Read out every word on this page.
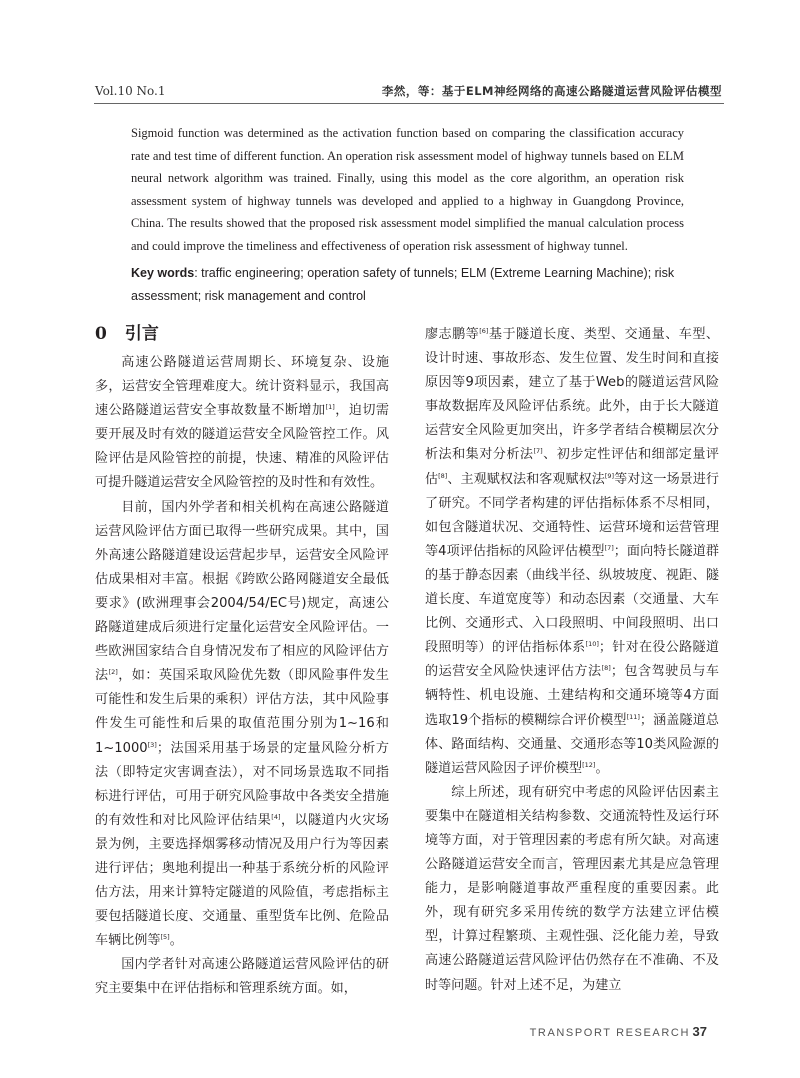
Vol.10 No.1	李然，等：基于ELM神经网络的高速公路隧道运营风险评估模型

Sigmoid function was determined as the activation function based on comparing the classification accuracy rate and test time of different function. An operation risk assessment model of highway tunnels based on ELM neural network algorithm was trained. Finally, using this model as the core algorithm, an operation risk assessment system of highway tunnels was developed and applied to a highway in Guangdong Province, China. The results showed that the proposed risk assessment model simplified the manual calculation process and could improve the timeliness and effectiveness of operation risk assessment of highway tunnel.

Key words: traffic engineering; operation safety of tunnels; ELM (Extreme Learning Machine); risk assessment; risk management and control
0 引言

高速公路隧道运营周期长、环境复杂、设施多，运营安全管理难度大。统计资料显示，我国高速公路隧道运营安全事故数量不断增加[1]，迫切需要开展及时有效的隧道运营安全风险管控工作。风险评估是风险管控的前提，快速、精准的风险评估可提升隧道运营安全风险管控的及时性和有效性。

目前，国内外学者和相关机构在高速公路隧道运营风险评估方面已取得一些研究成果。其中，国外高速公路隧道建设运营起步早，运营安全风险评估成果相对丰富。根据《跨欧公路网隧道安全最低要求》(欧洲理事会2004/54/EC号)规定，高速公路隧道建成后须进行定量化运营安全风险评估。一些欧洲国家结合自身情况发布了相应的风险评估方法[2]，如：英国采取风险优先数（即风险事件发生可能性和发生后果的乘积）评估方法，其中风险事件发生可能性和后果的取值范围分别为1~16和1~1000[3]；法国采用基于场景的定量风险分析方法（即特定灾害调查法），对不同场景选取不同指标进行评估，可用于研究风险事故中各类安全措施的有效性和对比风险评估结果[4]，以隧道内火灾场景为例，主要选择烟雾移动情况及用户行为等因素进行评估；奥地利提出一种基于系统分析的风险评估方法，用来计算特定隧道的风险值，考虑指标主要包括隧道长度、交通量、重型货车比例、危险品车辆比例等[5]。

国内学者针对高速公路隧道运营风险评估的研究主要集中在评估指标和管理系统方面。如，

廖志鹏等[6]基于隧道长度、类型、交通量、车型、设计时速、事故形态、发生位置、发生时间和直接原因等9项因素，建立了基于Web的隧道运营风险事故数据库及风险评估系统。此外，由于长大隧道运营安全风险更加突出，许多学者结合模糊层次分析法和集对分析法[7]、初步定性评估和细部定量评估[8]、主观赋权法和客观赋权法[9]等对这一场景进行了研究。不同学者构建的评估指标体系不尽相同，如包含隧道状况、交通特性、运营环境和运营管理等4项评估指标的风险评估模型[7]；面向特长隧道群的基于静态因素（曲线半径、纵坡坡度、视距、隧道长度、车道宽度等）和动态因素（交通量、大车比例、交通形式、入口段照明、中间段照明、出口段照明等）的评估指标体系[10]；针对在役公路隧道的运营安全风险快速评估方法[8]；包含驾驶员与车辆特性、机电设施、土建结构和交通环境等4方面选取19个指标的模糊综合评价模型[11]；涵盖隧道总体、路面结构、交通量、交通形态等10类风险源的隧道运营风险因子评价模型[12]。

综上所述，现有研究中考虑的风险评估因素主要集中在隧道相关结构参数、交通流特性及运行环境等方面，对于管理因素的考虑有所欠缺。对高速公路隧道运营安全而言，管理因素尤其是应急管理能力，是影响隧道事故严重程度的重要因素。此外，现有研究多采用传统的数学方法建立评估模型，计算过程繁琐、主观性强、泛化能力差，导致高速公路隧道运营风险评估仍然存在不准确、不及时等问题。针对上述不足，为建立

TRANSPORT RESEARCH 37
